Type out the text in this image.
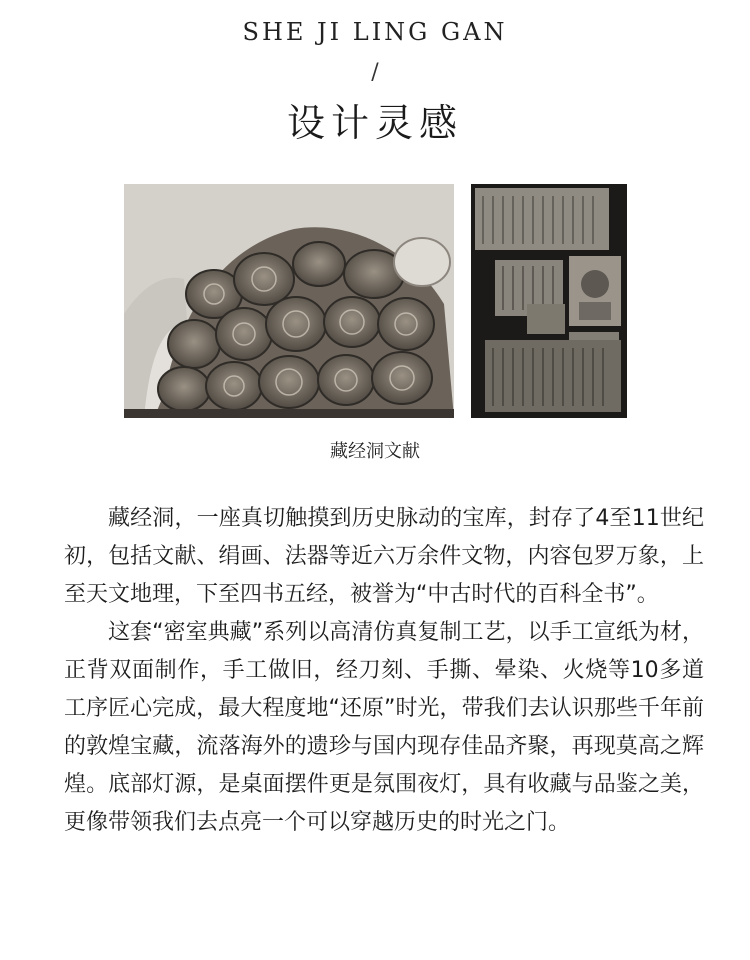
SHE JI LING GAN
/
设计灵感
藏经洞文献

藏经洞，一座真切触摸到历史脉动的宝库，封存了4至11世纪初，包括文献、绢画、法器等近六万余件文物，内容包罗万象，上至天文地理，下至四书五经，被誉为“中古时代的百科全书”。

这套“密室典藏”系列以高清仿真复制工艺，以手工宣纸为材，正背双面制作，手工做旧，经刀刻、手撕、晕染、火烧等10多道工序匠心完成，最大程度地“还原”时光，带我们去认识那些千年前的敦煌宝藏，流落海外的遗珍与国内现存佳品齐聚，再现莫高之辉煌。底部灯源，是桌面摆件更是氛围夜灯，具有收藏与品鉴之美，更像带领我们去点亮一个可以穿越历史的时光之门。
